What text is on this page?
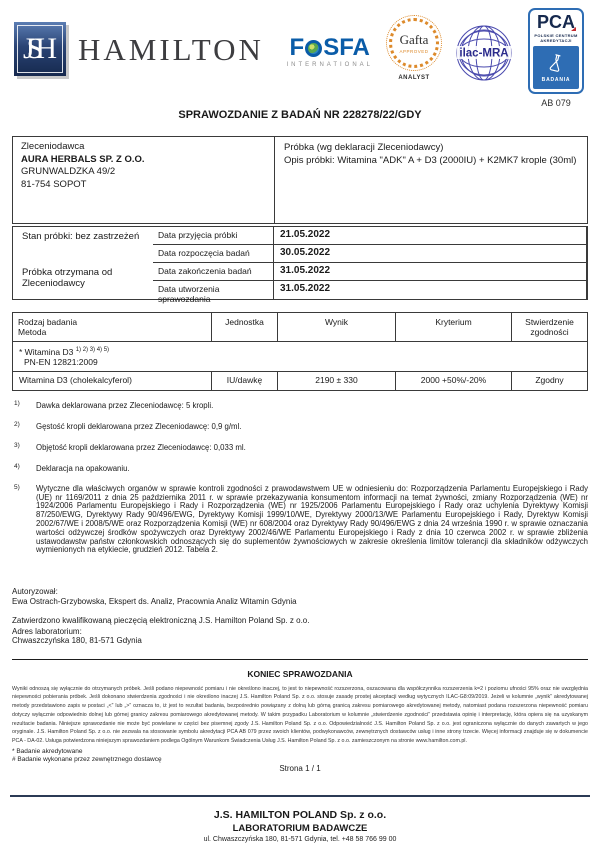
JSH HAMILTON F SFA
INTERNATIONAL
Gafta
APPROVED
ANALYST
ilac-MRA
PCA
POLSKIE CENTRUM AKREDYTACJI
BADANIA
AB 079
SPRAWOZDANIE Z BADAŃ NR 228278/22/GDY
Zleceniodawca
AURA HERBALS SP. Z O.O.
GRUNWALDZKA 49/2
81-754 SOPOT
Próbka (wg deklaracji Zleceniodawcy)
Opis próbki: Witamina "ADK" A + D3 (2000IU) + K2MK7 krople (30ml)
Data przyjęcia próbki	21.05.2022
Stan próbki: bez zastrzeżeń
Próbka otrzymana od Zleceniodawcy
Data rozpoczęcia badań	30.05.2022
Data zakończenia badań	31.05.2022
Data utworzenia sprawozdania
31.05.2022
Rodzaj badania
Metoda
Jednostka	Wynik	Kryterium	Stwierdzenie
zgodności
* Witamina D3 $^{1) 2) 3) 4) 5)}$
PN-EN 12821:2009
Witamina D3 (cholekalcyferol)	IU/dawkę	2190 ± 330	2000 +50%/-20%	Zgodny
1)	Dawka deklarowana przez Zleceniodawcę: 5 kropli.
2)	Gęstość kropli deklarowana przez Zleceniodawcę: 0,9 g/ml.
3)	Objętość kropli deklarowana przez Zleceniodawcę: 0,033 ml.
4)	Deklaracja na opakowaniu.
5)	Wytyczne dla właściwych organów w sprawie kontroli zgodności z prawodawstwem UE w odniesieniu do: Rozporządzenia Parlamentu Europejskiego i Rady (UE) nr 1169/2011 z dnia 25 października 2011 r. w sprawie przekazywania konsumentom informacji na temat żywności, zmiany Rozporządzenia (WE) nr 1924/2006 Parlamentu Europejskiego i Rady i Rozporządzenia (WE) nr 1925/2006 Parlamentu Europejskiego i Rady oraz uchylenia Dyrektywy Komisji 87/250/EWG, Dyrektywy Rady 90/496/EWG, Dyrektywy Komisji 1999/10/WE, Dyrektywy 2000/13/WE Parlamentu Europejskiego i Rady, Dyrektyw Komisji 2002/67/WE i 2008/5/WE oraz Rozporządzenia Komisji (WE) nr 608/2004 oraz Dyrektywy Rady 90/496/EWG z dnia 24 września 1990 r. w sprawie oznaczania wartości odżywczej środków spożywczych oraz Dyrektywy 2002/46/WE Parlamentu Europejskiego i Rady z dnia 10 czerwca 2002 r. w sprawie zbliżenia ustawodawstw państw członkowskich odnoszących się do suplementów żywnościowych w zakresie określenia limitów tolerancji dla składników odżywczych wymienionych na etykiecie, grudzień 2012. Tabela 2.
Autoryzował:
Ewa Ostrach-Grzybowska, Ekspert ds. Analiz, Pracownia Analiz Witamin Gdynia
Zatwierdzono kwalifikowaną pieczęcią elektroniczną J.S. Hamilton Poland Sp. z o.o.
Adres laboratorium:
Chwaszczyńska 180, 81-571 Gdynia
KONIEC SPRAWOZDANIA
Wyniki odnoszą się wyłącznie do otrzymanych próbek. Jeśli podano niepewność pomiaru i nie określono inaczej, to jest to niepewność rozszerzona, oszacowana dla współczynnika rozszerzenia k=2 i poziomu ufności 95% oraz nie uwzględnia niepewności pobierania próbek. Jeśli dokonano stwierdzenia zgodności i nie określono inaczej J.S. Hamilton Poland Sp. z o.o. stosuje zasadę prostej akceptacji według wytycznych ILAC-G8:09/2019. Jeżeli w kolumnie „wynik” akredytowanej metody przedstawiono zapis w postaci „<” lub „>” oznacza to, iż jest to rezultat badania, bezpośrednio powiązany z dolną lub górną granicą zakresu pomiarowego akredytowanej metody, natomiast podana rozszerzona niepewność pomiaru dotyczy wyłącznie odpowiednio dolnej lub górnej granicy zakresu pomiarowego akredytowanej metody. W takim przypadku Laboratorium w kolumnie „stwierdzenie zgodności” przedstawia opinię i interpretację, która opiera się na uzyskanym rezultacie badania. Niniejsze sprawozdanie nie może być powielane w części bez pisemnej zgody J.S. Hamilton Poland Sp. z o.o. Odpowiedzialność J.S. Hamilton Poland Sp. z o.o. jest ograniczona wyłącznie do danych zawartych w jego oryginale. J.S. Hamilton Poland Sp. z o.o. nie zezwala na stosowanie symbolu akredytacji PCA AB 079 przez swoich klientów, podwykonawców, zewnętrznych dostawców usług i inne strony trzecie. Więcej informacji znajduje się w dokumencie PCA - DA-02. Usługa potwierdzona niniejszym sprawozdaniem podlega Ogólnym Warunkom Świadczenia Usług J.S. Hamilton Poland Sp. z o.o. zamieszczonym na stronie www.hamilton.com.pl.
* Badanie akredytowane
# Badanie wykonane przez zewnętrznego dostawcę
Strona 1 / 1
J.S. HAMILTON POLAND Sp. z o.o.
LABORATORIUM BADAWCZE
ul. Chwaszczyńska 180, 81-571 Gdynia, tel. +48 58 766 99 00
